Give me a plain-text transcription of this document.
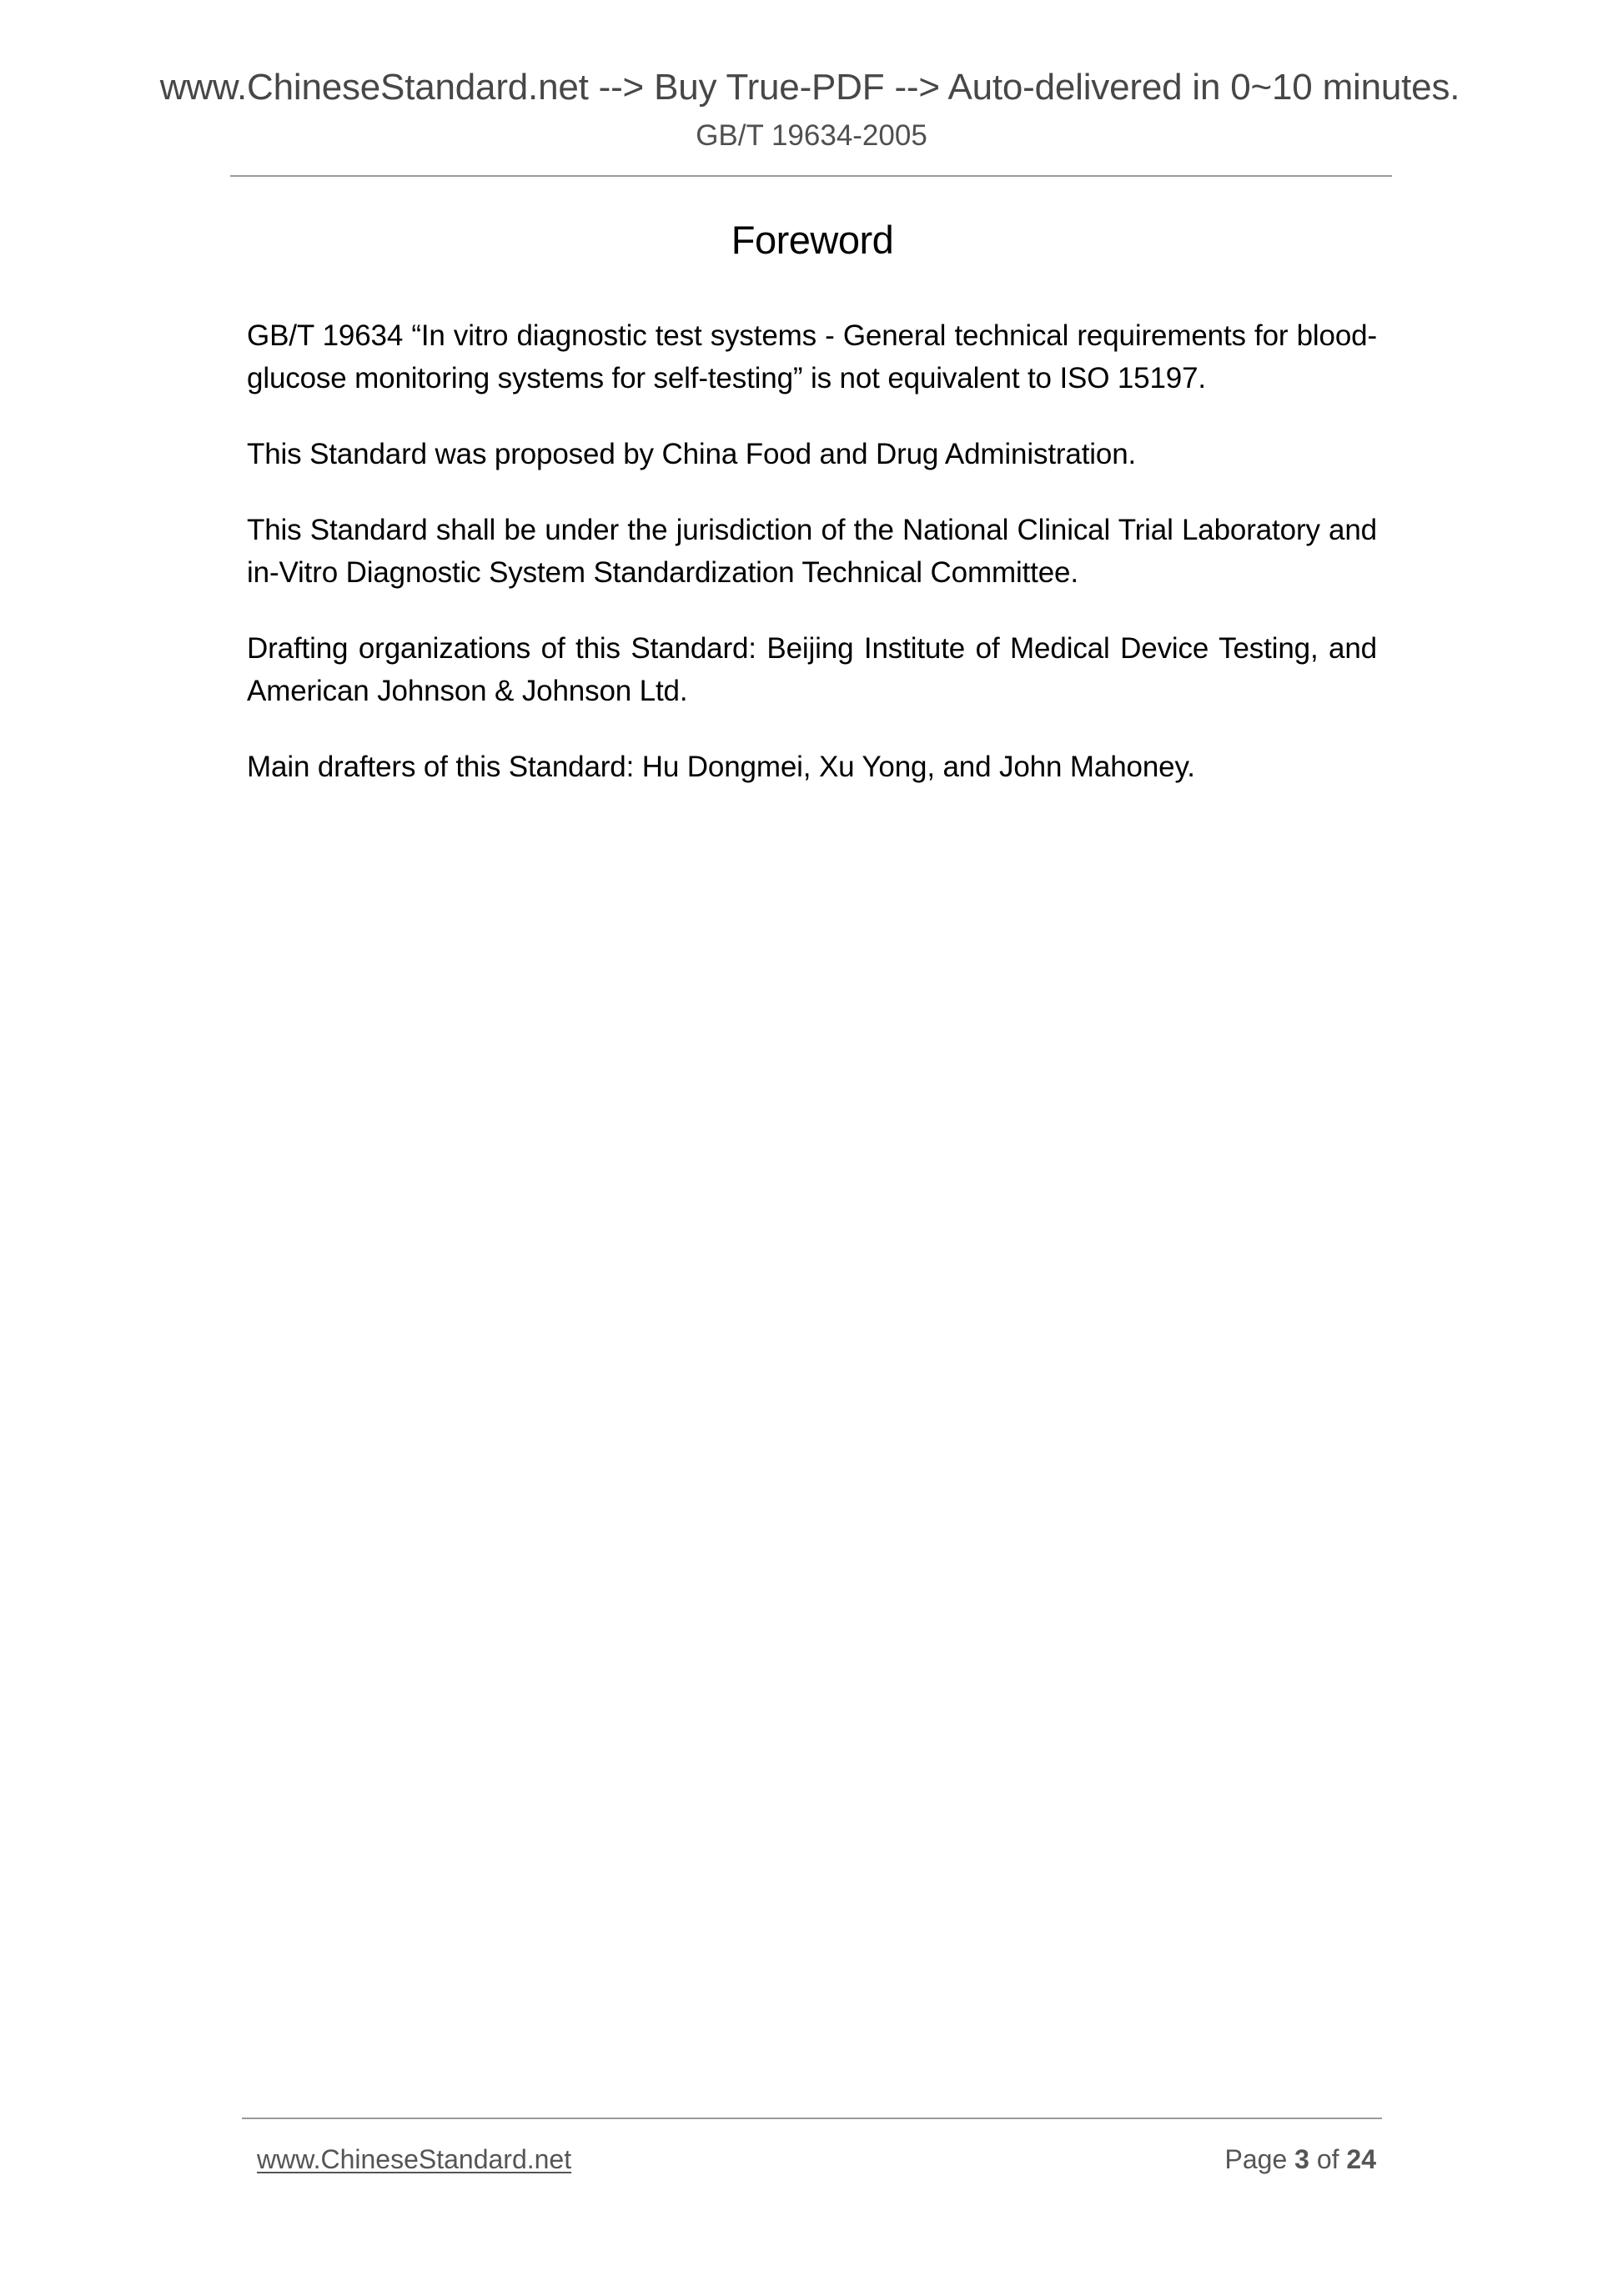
www.ChineseStandard.net --> Buy True-PDF --> Auto-delivered in 0~10 minutes.
GB/T 19634-2005
Foreword

GB/T 19634 “In vitro diagnostic test systems - General technical requirements for blood-glucose monitoring systems for self-testing” is not equivalent to ISO 15197.

This Standard was proposed by China Food and Drug Administration.

This Standard shall be under the jurisdiction of the National Clinical Trial Laboratory and in-Vitro Diagnostic System Standardization Technical Committee.

Drafting organizations of this Standard: Beijing Institute of Medical Device Testing, and American Johnson & Johnson Ltd.

Main drafters of this Standard: Hu Dongmei, Xu Yong, and John Mahoney.

www.ChineseStandard.net	Page 3 of 24
